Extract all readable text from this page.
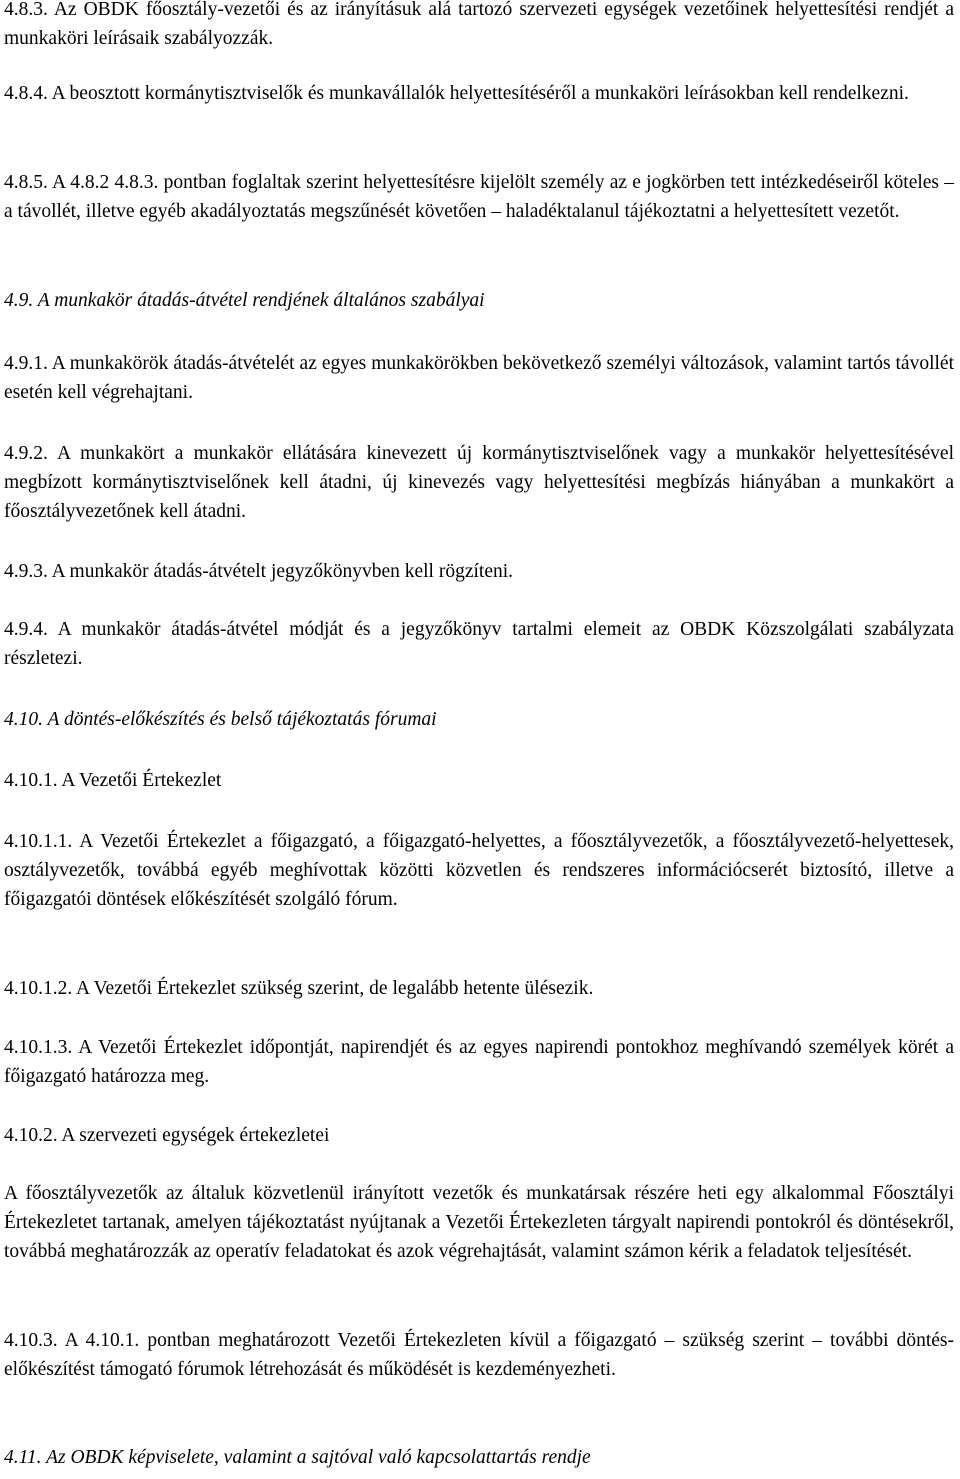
4.8.3. Az OBDK főosztály-vezetői és az irányításuk alá tartozó szervezeti egységek vezetőinek helyettesítési rendjét a munkaköri leírásaik szabályozzák.

4.8.4. A beosztott kormánytisztviselők és munkavállalók helyettesítéséről a munkaköri leírásokban kell rendelkezni.

4.8.5. A 4.8.2 4.8.3. pontban foglaltak szerint helyettesítésre kijelölt személy az e jogkörben tett intézkedéseiről köteles – a távollét, illetve egyéb akadályoztatás megszűnését követően – haladéktalanul tájékoztatni a helyettesített vezetőt.

4.9. A munkakör átadás-átvétel rendjének általános szabályai

4.9.1. A munkakörök átadás-átvételét az egyes munkakörökben bekövetkező személyi változások, valamint tartós távollét esetén kell végrehajtani.

4.9.2. A munkakört a munkakör ellátására kinevezett új kormánytisztviselőnek vagy a munkakör helyettesítésével megbízott kormánytisztviselőnek kell átadni, új kinevezés vagy helyettesítési megbízás hiányában a munkakört a főosztályvezetőnek kell átadni.

4.9.3. A munkakör átadás-átvételt jegyzőkönyvben kell rögzíteni.

4.9.4. A munkakör átadás-átvétel módját és a jegyzőkönyv tartalmi elemeit az OBDK Közszolgálati szabályzata részletezi.

4.10. A döntés-előkészítés és belső tájékoztatás fórumai

4.10.1. A Vezetői Értekezlet

4.10.1.1. A Vezetői Értekezlet a főigazgató, a főigazgató-helyettes, a főosztályvezetők, a főosztályvezető-helyettesek, osztályvezetők, továbbá egyéb meghívottak közötti közvetlen és rendszeres információcserét biztosító, illetve a főigazgatói döntések előkészítését szolgáló fórum.

4.10.1.2. A Vezetői Értekezlet szükség szerint, de legalább hetente ülésezik.

4.10.1.3. A Vezetői Értekezlet időpontját, napirendjét és az egyes napirendi pontokhoz meghívandó személyek körét a főigazgató határozza meg.

4.10.2. A szervezeti egységek értekezletei

A főosztályvezetők az általuk közvetlenül irányított vezetők és munkatársak részére heti egy alkalommal Főosztályi Értekezletet tartanak, amelyen tájékoztatást nyújtanak a Vezetői Értekezleten tárgyalt napirendi pontokról és döntésekről, továbbá meghatározzák az operatív feladatokat és azok végrehajtását, valamint számon kérik a feladatok teljesítését.

4.10.3. A 4.10.1. pontban meghatározott Vezetői Értekezleten kívül a főigazgató – szükség szerint – további döntés-előkészítést támogató fórumok létrehozását és működését is kezdeményezheti.

4.11. Az OBDK képviselete, valamint a sajtóval való kapcsolattartás rendje
